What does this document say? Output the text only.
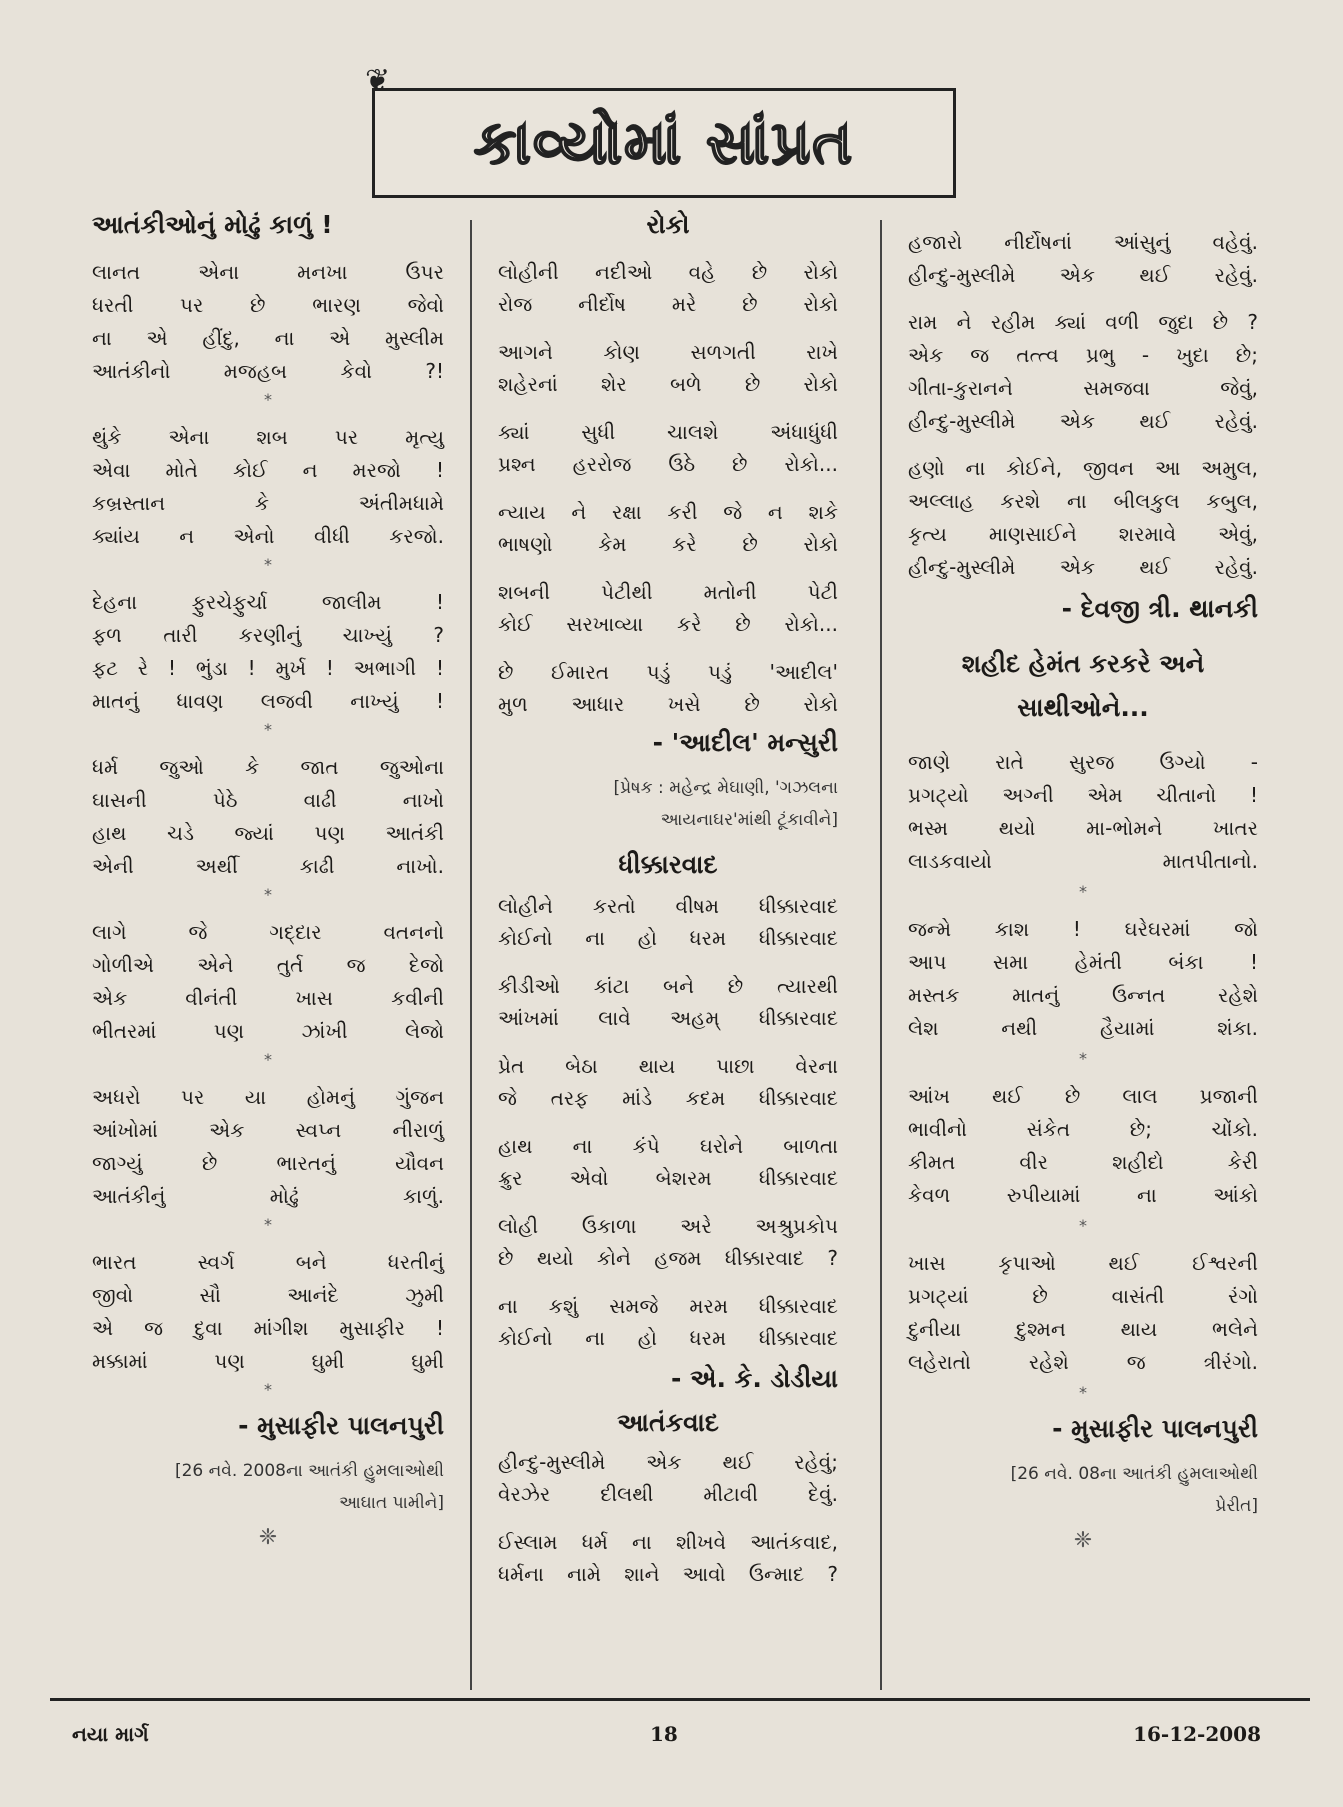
❦
કાવ્યોમાં સાંપ્રત
આતંકીઓનું મોઢું કાળું !
લાનત એના મનખા ઉપર
ધરતી પર છે ભારણ જેવો
ના એ હીંદુ, ના એ મુસ્લીમ
આતંકીનો મજહબ કેવો ?!
*
થુંકે એના શબ પર મૃત્યુ
એવા મોતે કોઈ ન મરજો !
કબ્રસ્તાન કે અંતીમધામે
ક્યાંય ન એનો વીધી કરજો.
*
દેહના ફુરચેફુર્ચા જાલીમ !
ફળ તારી કરણીનું ચાખ્યું ?
ફટ રે ! ભુંડા ! મુર્ખ ! અભાગી !
માતનું ધાવણ લજવી નાખ્યું !
*
ધર્મ જુઓ કે જાત જુઓના
ઘાસની પેઠે વાઢી નાખો
હાથ ચડે જ્યાં પણ આતંકી
એની અર્થી કાઢી નાખો.
*
લાગે જે ગદ્દાર વતનનો
ગોળીએ એને તુર્ત જ દેજો
એક વીનંતી ખાસ કવીની
ભીતરમાં પણ ઝાંખી લેજો
*
અધરો પર યા હોમનું ગુંજન
આંખોમાં એક સ્વપ્ન નીરાળું
જાગ્યું છે ભારતનું યૌવન
આતંકીનું મોઢું કાળું.
*
ભારત સ્વર્ગ બને ધરતીનું
જીવો સૌ આનંદે ઝુમી
એ જ દુવા માંગીશ મુસાફીર !
મક્કામાં પણ ઘુમી ઘુમી
*
- મુસાફીર પાલનપુરી
[26 નવે. 2008ના આતંકી હુમલાઓથી
આઘાત પામીને]
❈
રોકો
લોહીની નદીઓ વહે છે રોકો
રોજ નીર્દોષ મરે છે રોકો
આગને કોણ સળગતી રાખે
શહેરનાં શેર બળે છે રોકો
ક્યાં સુધી ચાલશે અંધાધુંધી
પ્રશ્ન હરરોજ ઉઠે છે રોકો...
ન્યાય ને રક્ષા કરી જે ન શકે
ભાષણો કેમ કરે છે રોકો
શબની પેટીથી મતોની પેટી
કોઈ સરખાવ્યા કરે છે રોકો...
છે ઈમારત પડું પડું 'આદીલ'
મુળ આધાર ખસે છે રોકો
- 'આદીલ' મન્સુરી
[પ્રેષક : મહેન્દ્ર મેઘાણી, 'ગઝલના
આયનાઘર'માંથી ટૂંકાવીને]
ધીક્કારવાદ
લોહીને કરતો વીષમ ધીક્કારવાદ
કોઈનો ના હો ધરમ ધીક્કારવાદ
કીડીઓ કાંટા બને છે ત્યારથી
આંખમાં લાવે અહમ્ ધીક્કારવાદ
પ્રેત બેઠા થાય પાછા વેરના
જે તરફ માંડે કદમ ધીક્કારવાદ
હાથ ના કંપે ઘરોને બાળતા
ક્રુર એવો બેશરમ ધીક્કારવાદ
લોહી ઉકાળા અરે અશ્રુપ્રકોપ
છે થયો કોને હજમ ધીક્કારવાદ ?
ના કશું સમજે મરમ ધીક્કારવાદ
કોઈનો ના હો ધરમ ધીક્કારવાદ
- એ. કે. ડોડીયા
આતંકવાદ
હીન્દુ-મુસ્લીમે એક થઈ રહેવું;
વેરઝેર દીલથી મીટાવી દેવું.
ઈસ્લામ ધર્મ ના શીખવે આતંકવાદ,
ધર્મના નામે શાને આવો ઉન્માદ ?
હજારો નીર્દોષનાં આંસુનું વહેવું.
હીન્દુ-મુસ્લીમે એક થઈ રહેવું.
રામ ને રહીમ ક્યાં વળી જુદા છે ?
એક જ તત્ત્વ પ્રભુ - ખુદા છે;
ગીતા-કુરાનને સમજવા જેવું,
હીન્દુ-મુસ્લીમે એક થઈ રહેવું.
હણો ના કોઈને, જીવન આ અમુલ,
અલ્લાહ કરશે ના બીલકુલ કબુલ,
કૃત્ય માણસાઈને શરમાવે એવું,
હીન્દુ-મુસ્લીમે એક થઈ રહેવું.
- દેવજી ત્રી. થાનકી
શહીદ હેમંત કરકરે અને
સાથીઓને...
જાણે રાતે સુરજ ઉગ્યો -
પ્રગટ્યો અગ્ની એમ ચીતાનો !
ભસ્મ થયો મા-ભોમને ખાતર
લાડકવાયો માતપીતાનો.
*
જન્મે કાશ ! ઘરેઘરમાં જો
આપ સમા હેમંતી બંકા !
મસ્તક માતનું ઉન્નત રહેશે
લેશ નથી હૈયામાં શંકા.
*
આંખ થઈ છે લાલ પ્રજાની
ભાવીનો સંકેત છે; ચોંકો.
કીમત વીર શહીદો કેરી
કેવળ રુપીયામાં ના આંકો
*
ખાસ કૃપાઓ થઈ ઈશ્વરની
પ્રગટ્યાં છે વાસંતી રંગો
દુનીયા દુશ્મન થાય ભલેને
લહેરાતો રહેશે જ ત્રીરંગો.
*
- મુસાફીર પાલનપુરી
[26 નવે. 08ના આતંકી હુમલાઓથી
પ્રેરીત]
❈
નયા માર્ગ	18	16-12-2008
